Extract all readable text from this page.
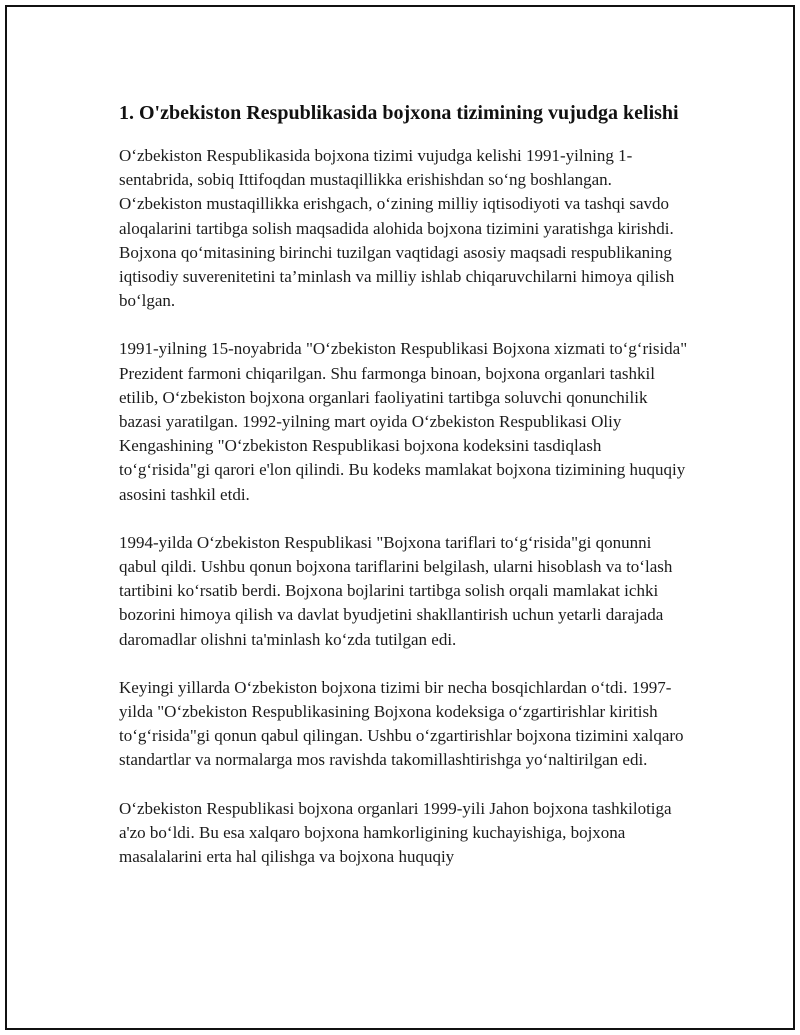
1. O'zbekiston Respublikasida bojxona tizimining vujudga kelishi

O‘zbekiston Respublikasida bojxona tizimi vujudga kelishi 1991-yilning 1-sentabrida, sobiq Ittifoqdan mustaqillikka erishishdan so‘ng boshlangan. O‘zbekiston mustaqillikka erishgach, o‘zining milliy iqtisodiyoti va tashqi savdo aloqalarini tartibga solish maqsadida alohida bojxona tizimini yaratishga kirishdi. Bojxona qo‘mitasining birinchi tuzilgan vaqtidagi asosiy maqsadi respublikaning iqtisodiy suverenitetini ta’minlash va milliy ishlab chiqaruvchilarni himoya qilish bo‘lgan.

1991-yilning 15-noyabrida "O‘zbekiston Respublikasi Bojxona xizmati to‘g‘risida" Prezident farmoni chiqarilgan. Shu farmonga binoan, bojxona organlari tashkil etilib, O‘zbekiston bojxona organlari faoliyatini tartibga soluvchi qonunchilik bazasi yaratilgan. 1992-yilning mart oyida O‘zbekiston Respublikasi Oliy Kengashining "O‘zbekiston Respublikasi bojxona kodeksini tasdiqlash to‘g‘risida"gi qarori e'lon qilindi. Bu kodeks mamlakat bojxona tizimining huquqiy asosini tashkil etdi.

1994-yilda O‘zbekiston Respublikasi "Bojxona tariflari to‘g‘risida"gi qonunni qabul qildi. Ushbu qonun bojxona tariflarini belgilash, ularni hisoblash va to‘lash tartibini ko‘rsatib berdi. Bojxona bojlarini tartibga solish orqali mamlakat ichki bozorini himoya qilish va davlat byudjetini shakllantirish uchun yetarli darajada daromadlar olishni ta'minlash ko‘zda tutilgan edi.

Keyingi yillarda O‘zbekiston bojxona tizimi bir necha bosqichlardan o‘tdi. 1997-yilda "O‘zbekiston Respublikasining Bojxona kodeksiga o‘zgartirishlar kiritish to‘g‘risida"gi qonun qabul qilingan. Ushbu o‘zgartirishlar bojxona tizimini xalqaro standartlar va normalarga mos ravishda takomillashtirishga yo‘naltirilgan edi.

O‘zbekiston Respublikasi bojxona organlari 1999-yili Jahon bojxona tashkilotiga a'zo bo‘ldi. Bu esa xalqaro bojxona hamkorligining kuchayishiga, bojxona masalalarini erta hal qilishga va bojxona huquqiy
